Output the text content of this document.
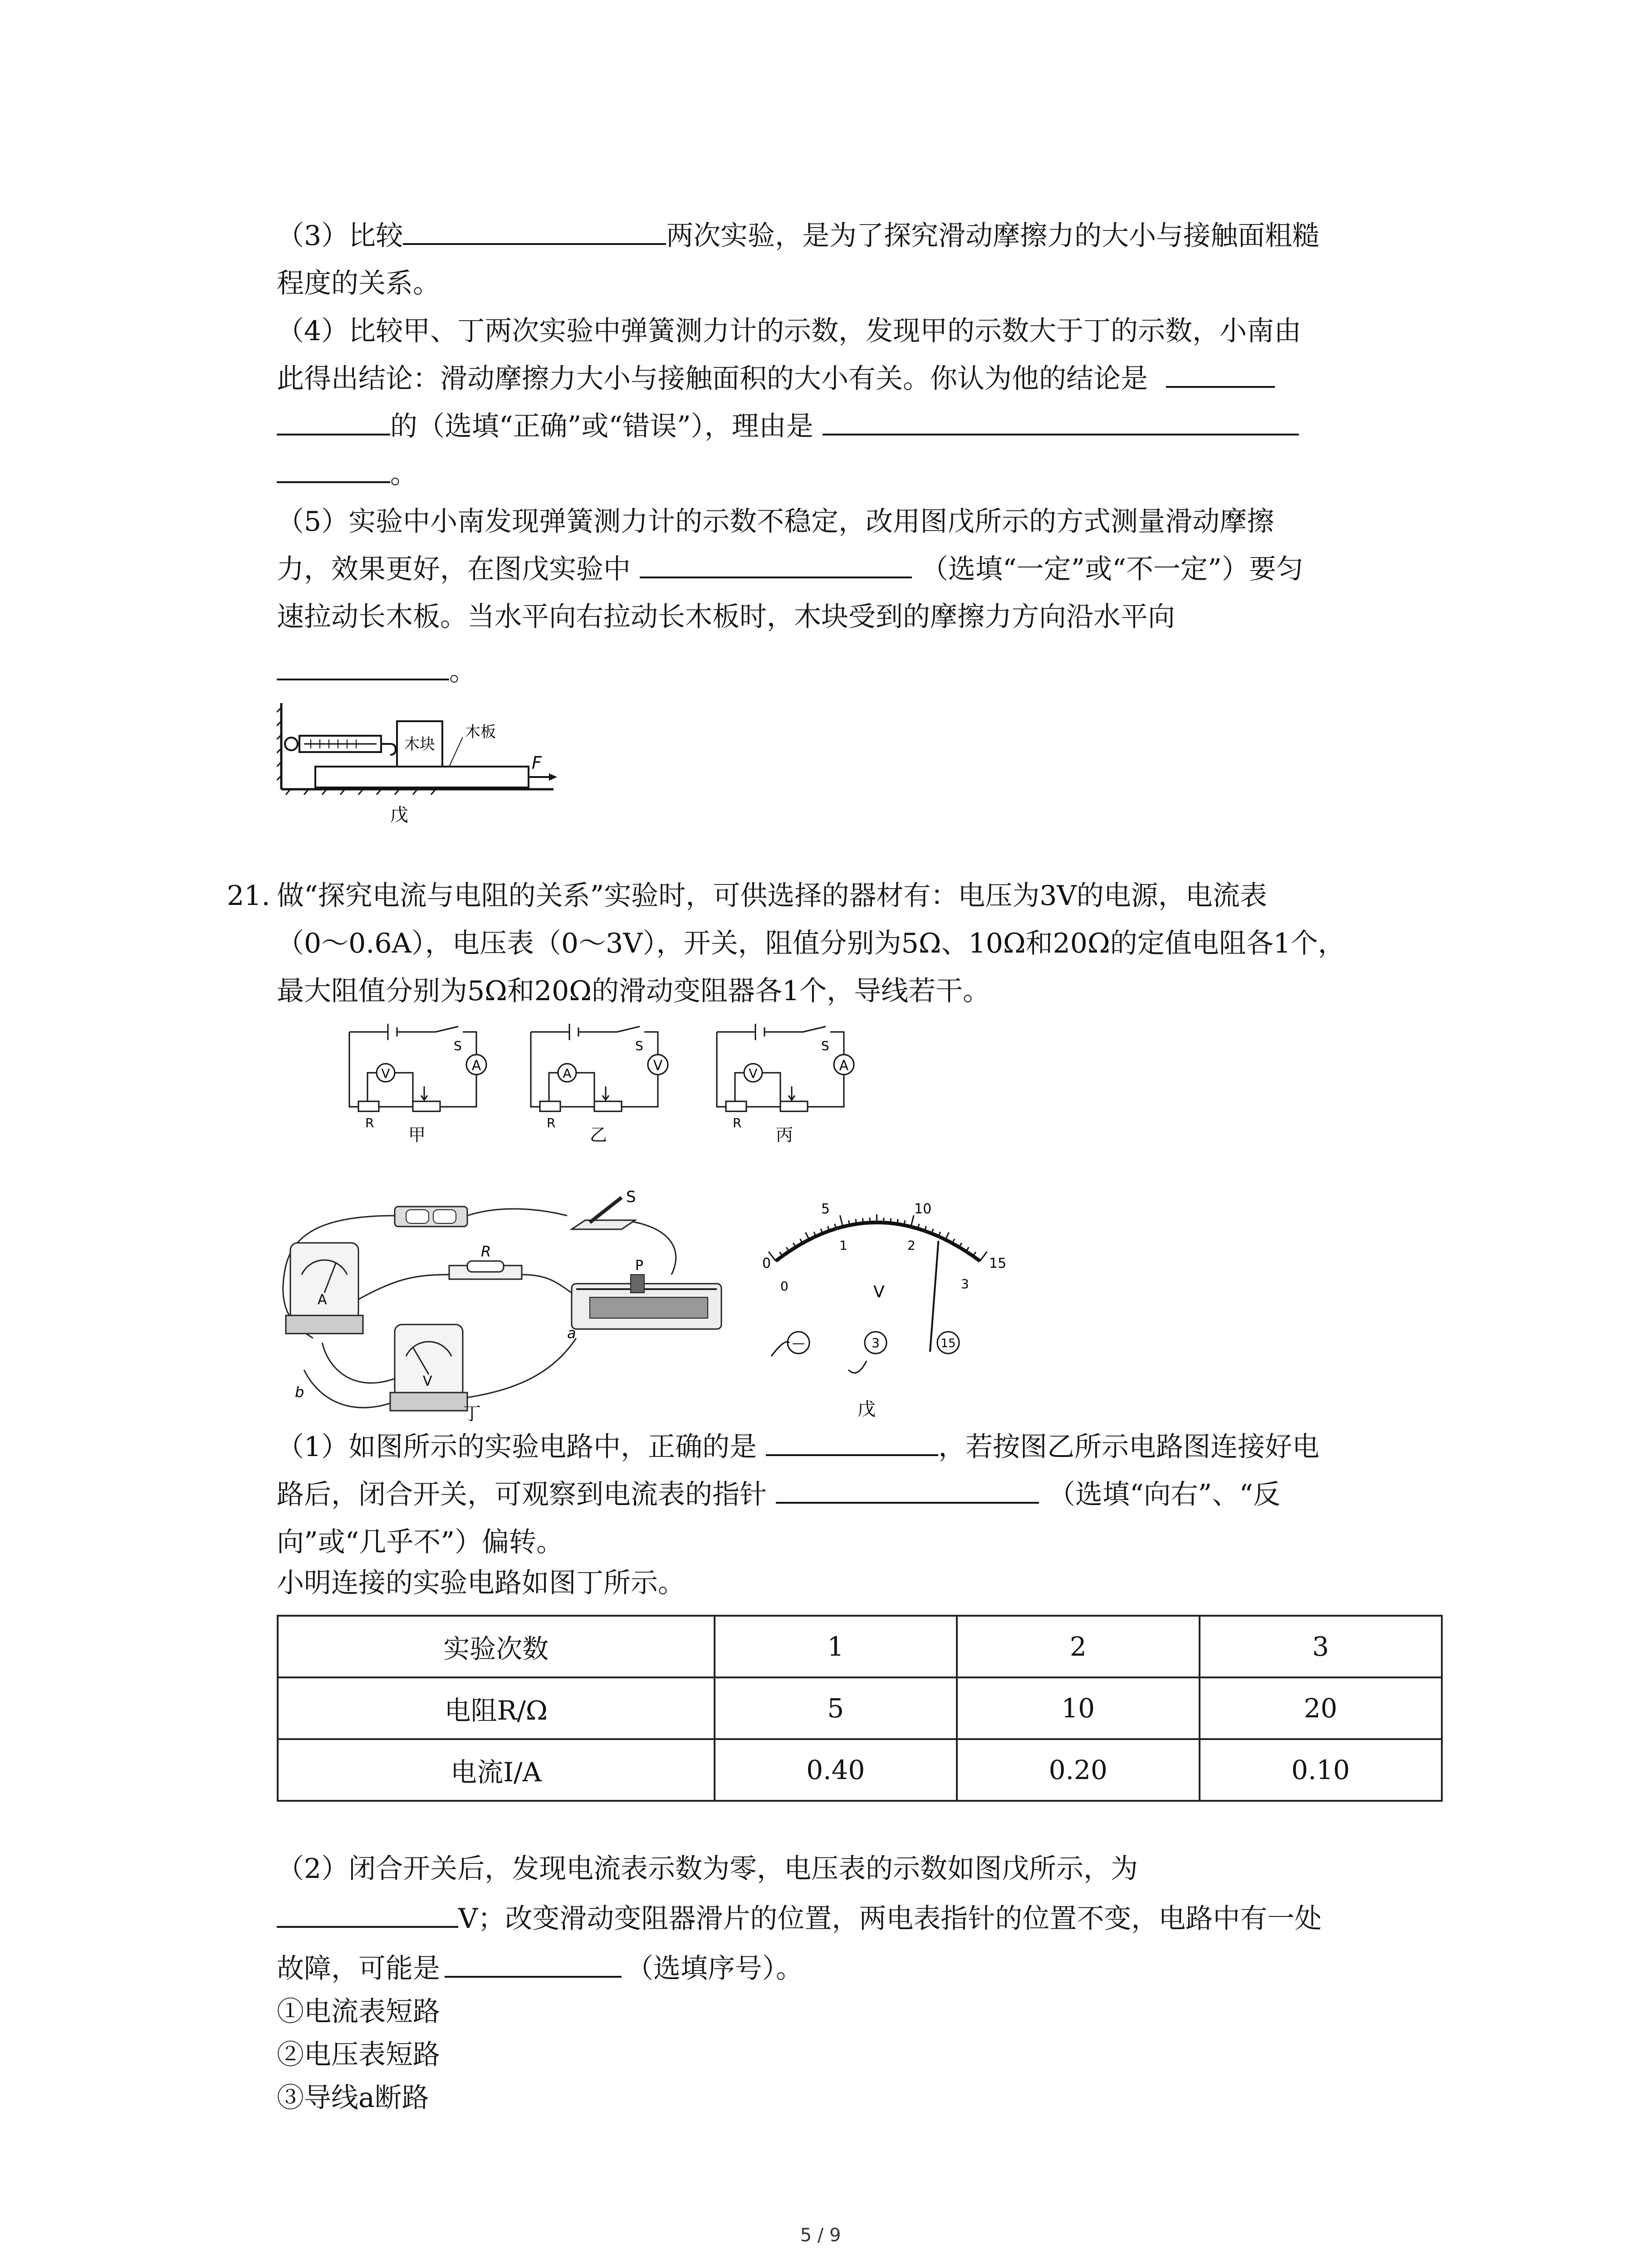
（3）比较	两次实验，是为了探究滑动摩擦力的大小与接触面粗糙
程度的关系。
（4）比较甲、丁两次实验中弹簧测力计的示数，发现甲的示数大于丁的示数，小南由
此得出结论：滑动摩擦力大小与接触面积的大小有关。你认为他的结论是
的（选填“正确”或“错误”），理由是
。
（5）实验中小南发现弹簧测力计的示数不稳定，改用图戊所示的方式测量滑动摩擦
力，效果更好，在图戊实验中	（选填“一定”或“不一定”）要匀
速拉动长木板。当水平向右拉动长木板时，木块受到的摩擦力方向沿水平向
。
木块
木板
F
戊
21. 做“探究电流与电阻的关系”实验时，可供选择的器材有：电压为3V的电源，电流表
（0～0.6A），电压表（0～3V），开关，阻值分别为5Ω、10Ω和20Ω的定值电阻各1个，
最大阻值分别为5Ω和20Ω的滑动变阻器各1个，导线若干。
A
V
S
R
甲
V
A
S
R
乙
A
V
S
R
丙
S
A
R
P
a
V
b
丁
0
5	10
15
0
1	2
3
V
—	3	15
戊
（1）如图所示的实验电路中，正确的是	，若按图乙所示电路图连接好电
路后，闭合开关，可观察到电流表的指针	（选填“向右”、“反
向”或“几乎不”）偏转。
小明连接的实验电路如图丁所示。
实验次数	1	2	3
电阻R/Ω	5	10	20
电流I/A	0.40	0.20	0.10
（2）闭合开关后，发现电流表示数为零，电压表的示数如图戊所示，为
V；改变滑动变阻器滑片的位置，两电表指针的位置不变，电路中有一处
故障，可能是	（选填序号）。
①电流表短路
②电压表短路
③导线a断路
5 / 9
